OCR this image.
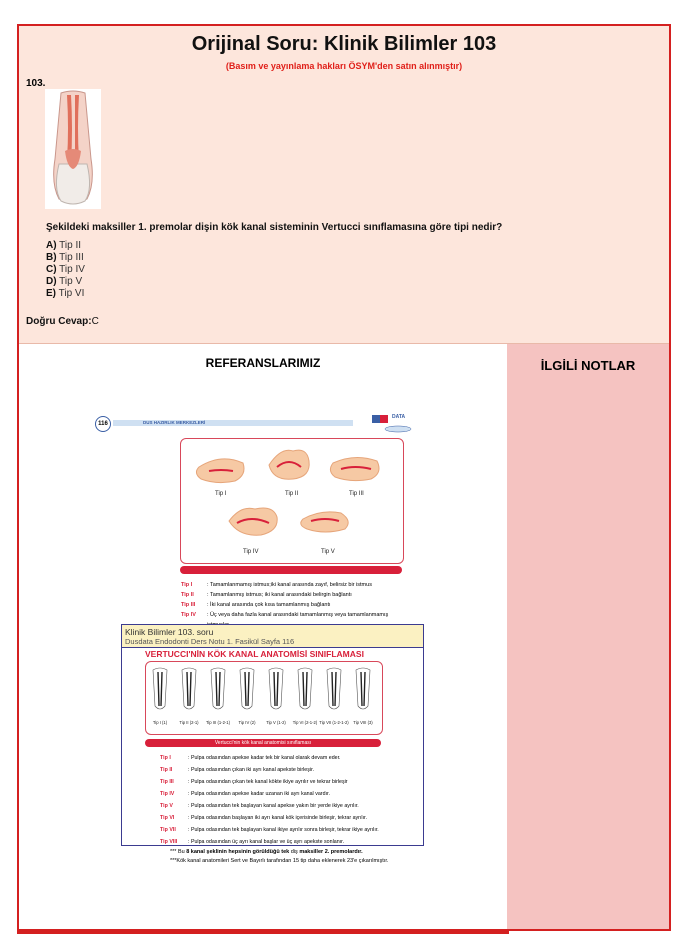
Orijinal Soru: Klinik Bilimler 103
(Basım ve yayınlama hakları ÖSYM'den satın alınmıştır)
103.
Şekildeki maksiller 1. premolar dişin kök kanal sisteminin Vertucci sınıflamasına göre tipi nedir?
A) Tip II
B) Tip III
C) Tip IV
D) Tip V
E) Tip VI
Doğru Cevap:C
REFERANSLARIMIZ
116	DUS HAZIRLIK MERKEZLERİ
DATA
Tip I	Tip II	Tip III
Tip IV	Tip V
Tip I	: Tamamlanmamış istmus;iki kanal arasında zayıf, belirsiz bir istmus
Tip II : Tamamlanmış istmus; iki kanal arasındaki belirgin bağlantı
Tip III : İki kanal arasında çok kısa tamamlanmış bağlantı
Tip IV : Üç veya daha fazla kanal arasındaki tamamlanmış veya tamamlanmamış
İLGİLİ NOTLAR
Klinik Bilimler 103. soru
Dusdata Endodonti Ders Notu 1. Fasikül Sayfa 116
VERTUCCI'NİN KÖK KANAL ANATOMİSİ SINIFLAMASI
Tip I (1)	Tip II (2-1) Tip III (1-2-1) Tip IV (2)	Tip V (1-2) Tip VI (2-1-2) Tip VII (1-2-1-2) Tip VIII (3)
Vertucci'nin kök kanal anatomisi sınıflaması
Tip I	: Pulpa odasından apekse kadar tek bir kanal olarak devam eder.
Tip II	: Pulpa odasından çıkan iki ayrı kanal apekste birleşir.
Tip III	: Pulpa odasından çıkan tek kanal kökte ikiye ayrılır ve tekrar birleşir
Tip IV	: Pulpa odasından apekse kadar uzanan iki ayrı kanal vardır.
Tip V	: Pulpa odasından tek başlayan kanal apekse yakın bir yerde ikiye ayrılır.
Tip VI	: Pulpa odasından başlayan iki ayrı kanal kök içerisinde birleşir, tekrar ayrılır.
Tip VII : Pulpa odasından tek başlayan kanal ikiye ayrılır sonra birleşir, tekrar ikiye ayrılır.
Tip VIII : Pulpa odasından üç ayrı kanal başlar ve üç ayrı apekste sonlanır.
*** Bu 8 kanal şeklinin hepsinin görüldüğü tek diş maksiller 2. premolardır.
***Kök kanal anatomileri Sert ve Bayırlı tarafından 15 tip daha eklenerek 23'e çıkarılmıştır.
